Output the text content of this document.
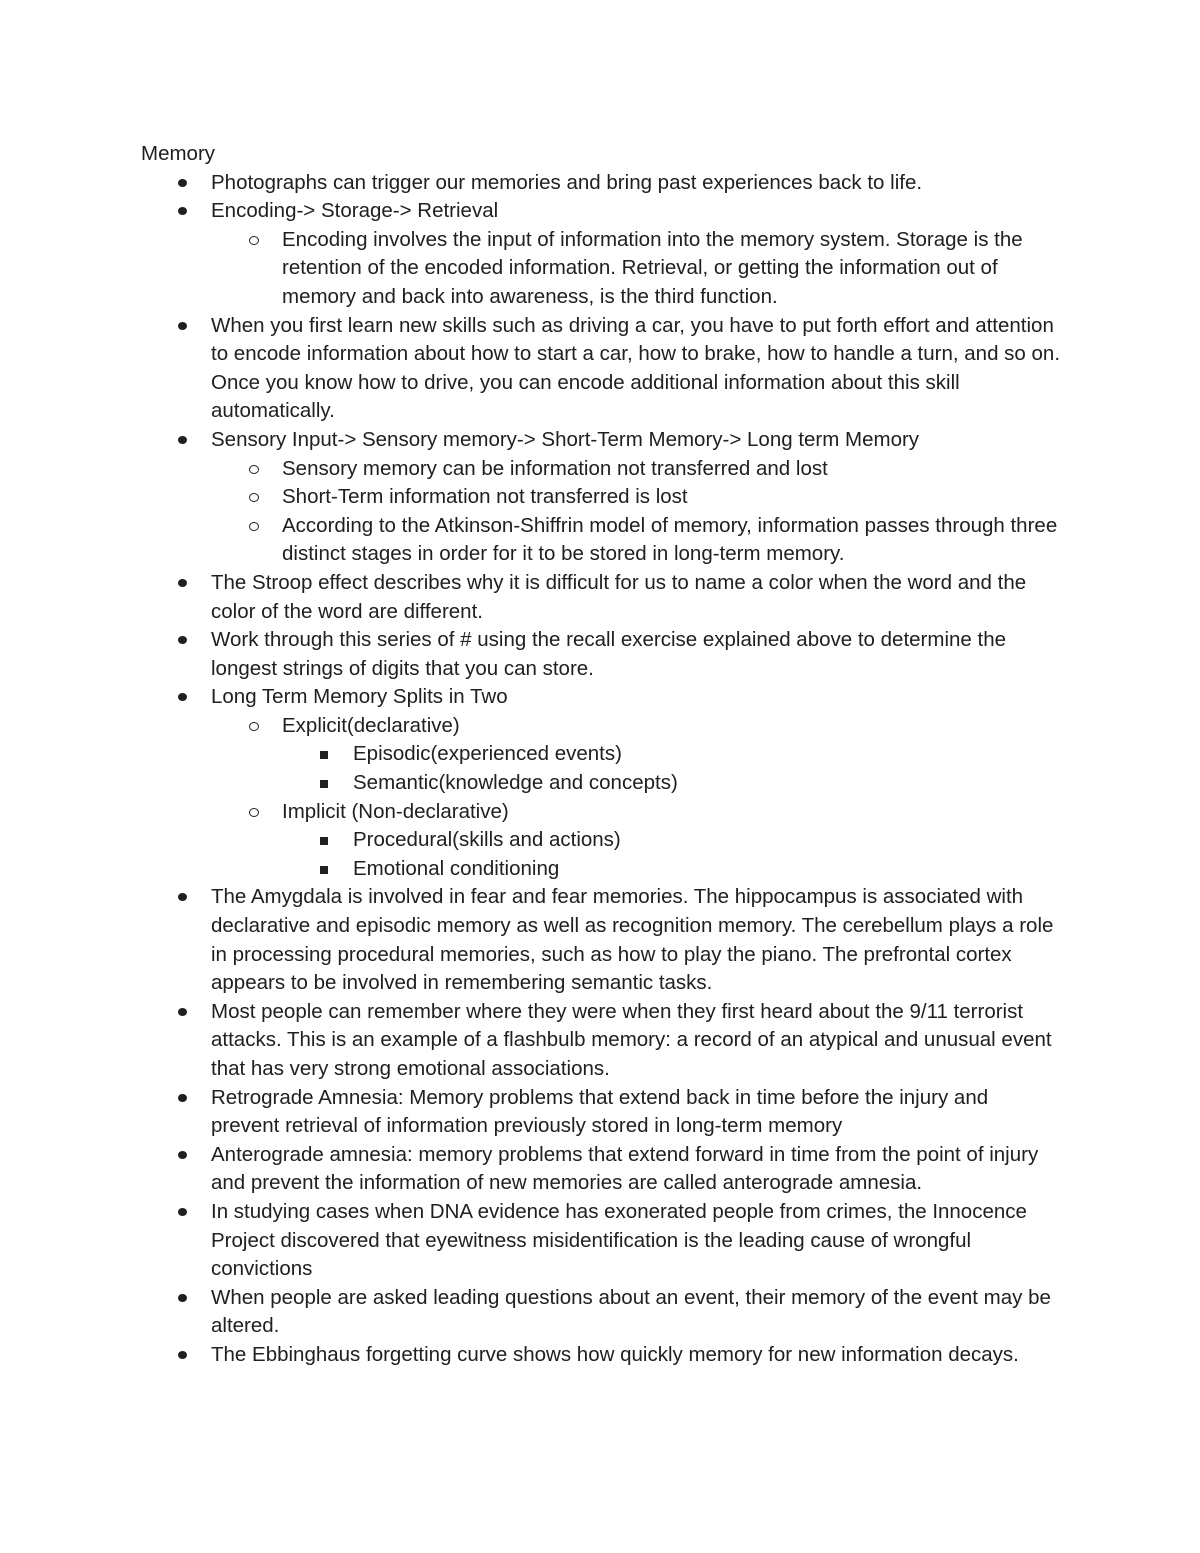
Memory
Photographs can trigger our memories and bring past experiences back to life.
Encoding-> Storage-> Retrieval
Encoding involves the input of information into the memory system. Storage is the retention of the encoded information. Retrieval, or getting the information out of memory and back into awareness, is the third function.
When you first learn new skills such as driving a car, you have to put forth effort and attention to encode information about how to start a car, how to brake, how to handle a turn, and so on. Once you know how to drive, you can encode additional information about this skill automatically.
Sensory Input-> Sensory memory-> Short-Term Memory-> Long term Memory
Sensory memory can be information not transferred and lost
Short-Term information not transferred is lost
According to the Atkinson-Shiffrin model of memory, information passes through three distinct stages in order for it to be stored in long-term memory.
The Stroop effect describes why it is difficult for us to name a color when the word and the color of the word are different.
Work through this series of # using the recall exercise explained above to determine the longest strings of digits that you can store.
Long Term Memory Splits in Two
Explicit(declarative)
Episodic(experienced events)
Semantic(knowledge and concepts)
Implicit (Non-declarative)
Procedural(skills and actions)
Emotional conditioning
The Amygdala is involved in fear and fear memories. The hippocampus is associated with declarative and episodic memory as well as recognition memory. The cerebellum plays a role in processing procedural memories, such as how to play the piano. The prefrontal cortex appears to be involved in remembering semantic tasks.
Most people can remember where they were when they first heard about the 9/11 terrorist attacks. This is an example of a flashbulb memory: a record of an atypical and unusual event that has very strong emotional associations.
Retrograde Amnesia: Memory problems that extend back in time before the injury and prevent retrieval of information previously stored in long-term memory
Anterograde amnesia: memory problems that extend forward in time from the point of injury and prevent the information of new memories are called anterograde amnesia.
In studying cases when DNA evidence has exonerated people from crimes, the Innocence Project discovered that eyewitness misidentification is the leading cause of wrongful convictions
When people are asked leading questions about an event, their memory of the event may be altered.
The Ebbinghaus forgetting curve shows how quickly memory for new information decays.
